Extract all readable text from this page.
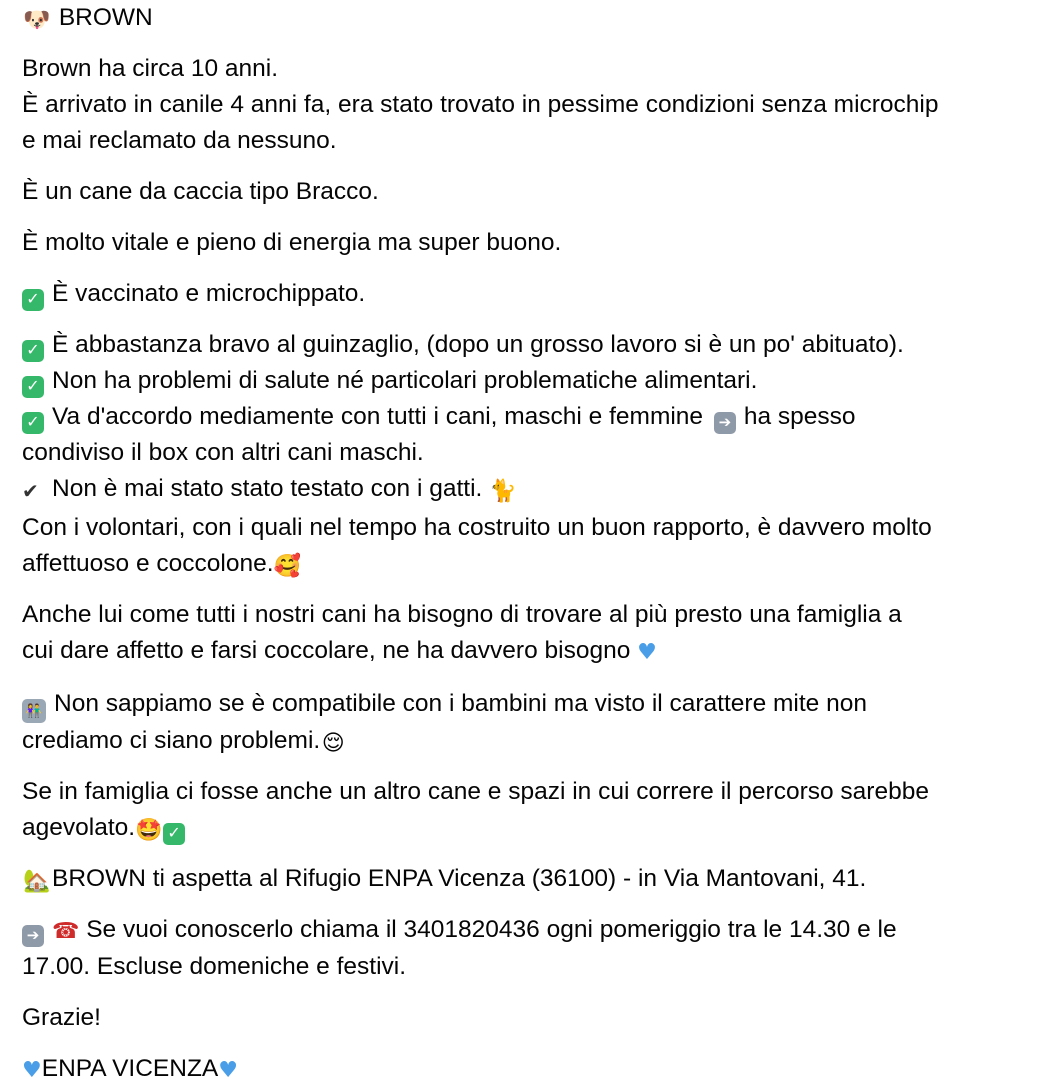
🐶 BROWN
Brown ha circa 10 anni.
È arrivato in canile 4 anni fa, era stato trovato in pessime condizioni senza microchip
e mai reclamato da nessuno.
È un cane da caccia tipo Bracco.
È molto vitale e pieno di energia ma super buono.
✓ È vaccinato e microchippato.
✓ È abbastanza bravo al guinzaglio, (dopo un grosso lavoro si è un po' abituato).
✓ Non ha problemi di salute né particolari problematiche alimentari.
✓ Va d'accordo mediamente con tutti i cani, maschi e femmine ➔ ha spesso
condiviso il box con altri cani maschi.
✔ Non è mai stato stato testato con i gatti. 🐈
Con i volontari, con i quali nel tempo ha costruito un buon rapporto, è davvero molto
affettuoso e coccolone.🥰
Anche lui come tutti i nostri cani ha bisogno di trovare al più presto una famiglia a
cui dare affetto e farsi coccolare, ne ha davvero bisogno ♥
👫 Non sappiamo se è compatibile con i bambini ma visto il carattere mite non
crediamo ci siano problemi.😌
Se in famiglia ci fosse anche un altro cane e spazi in cui correre il percorso sarebbe
agevolato.🤩 ✓
🏡BROWN ti aspetta al Rifugio ENPA Vicenza (36100) - in Via Mantovani, 41.
➔ ☎ Se vuoi conoscerlo chiama il 3401820436 ogni pomeriggio tra le 14.30 e le
17.00. Escluse domeniche e festivi.
Grazie!
♥ENPA VICENZA♥
